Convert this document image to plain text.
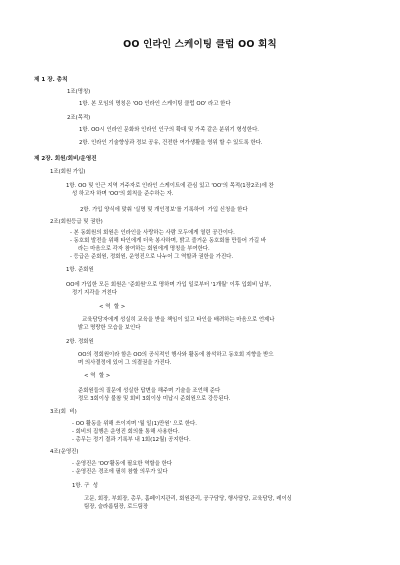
OO 인라인 스케이팅 클럽 OO 회칙
제 1 장. 총칙
1조(명칭)
1항. 본 모임의 명칭은 'OO 인라인 스케이팅 클럽 OO' 라고 한다
2조(목적)
1항. OO시 인라인 문화와 인라인 인구의 확대 및 가족 같은 분위기 형성한다.
2항. 인라인 기술향상과 정보 공유, 건전한 여가생활을 영위 할 수 있도록 한다.
제 2장. 회원/회비/운영진
1조(회원 가입)
1항. OO 및 인근 지역 거주자로 인라인 스케이트에 관심 있고 'OO'의 목적(1장2조)에 찬
성 하고자 하며 'OO'의 회칙을 준수하는 자.
2항. 가입 양식에 맞춰 '실명 및 개인정보'를 기록하여  가입 신청을 한다
2조(회원등급 및 권한)
- 본 동회원의 회원은 인라인을 사랑하는 사람 모두에게 열린 공간이다.
- 동호회 발전을 위해 타인에게 더욱 봉사하며, 밝고 즐거운 동호회를 만들어 가길 바
라는 마음으로 각자 참여하는 회원에게 명칭을 부여한다.
- 등급은 준회원, 정회원, 운영진으로 나누어 그 역할과 권한을 가진다.
1항. 준회원
OO에 가입한 모든 회원은 '준회원'으로 명하며 가입 일로부터 '1개월' 이후 입회비 납부,
정기 지각을 거친다
< 역  할 >
교육담당자에게 성실히 교육을 받을 책임이 있고 타인을 배려하는 마음으로 언제나
밝고 명랑한 모습을 보인다
2항. 정회원
OO의 정회원이라 함은 OO의 공식적인 행사와 활동에 참석하고 동호회 지향을 받으
며 의사결정에 있어 그 의결권을 가진다.
< 역  할 >
준회원들의 질문에 성실한 답변을 해주며 기술을 조언해 준다
정모 3회이상 불참 및 회비 3회이상 미납시 준회원으로 강등된다.
3조(회  비)
- OO 활동을 위해 쓰이지며 '월 일(1)만원' 으로 한다.
- 회비의 집행은 운영진 회의를 통해 사용한다.
- 총무는 정기 결과 기록부 내 1회(12월) 공지한다.
4조(운영진)
- 운영진은 'OO'활동에 필요한 역할을 한다
- 운영진은 경조에 필히 참할 의무가 있다
1항. 구  성
고문, 회장, 부회장, 총무, 홈페이지관리, 회원관리, 공구담당, 행사담당, 교육담당, 레이싱
팀장, 슬라롬팀장, 로드팀장
